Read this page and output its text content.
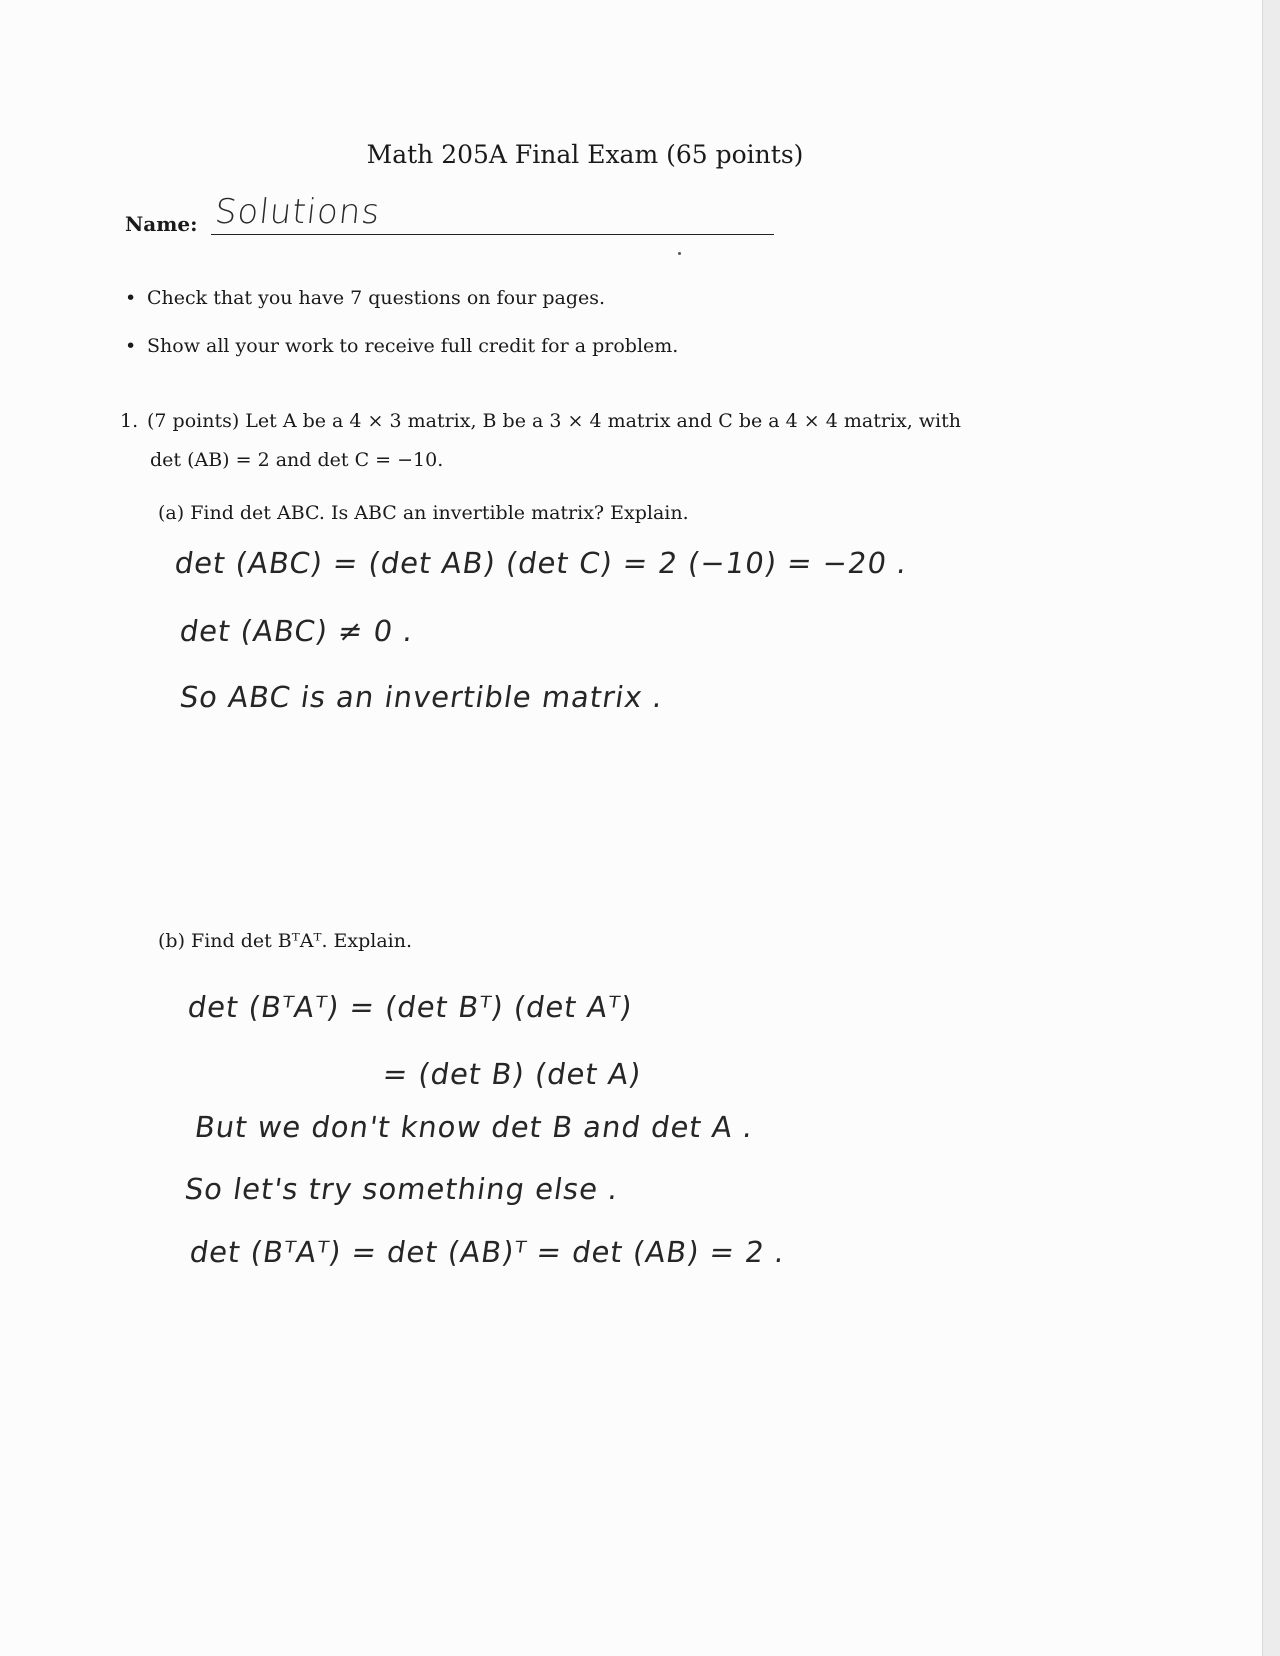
Math 205A Final Exam (65 points)
Name: Solutions
• Check that you have 7 questions on four pages.
• Show all your work to receive full credit for a problem.
1. (7 points) Let A be a 4 × 3 matrix, B be a 3 × 4 matrix and C be a 4 × 4 matrix, with
det (AB) = 2 and det C = −10.
(a) Find det ABC. Is ABC an invertible matrix? Explain.
det (ABC) = (det AB) (det C) = 2 (−10) = −20 .
det (ABC) ≠ 0 .
So ABC is an invertible matrix .
(b) Find det BᵀAᵀ. Explain.
det (BᵀAᵀ) = (det Bᵀ) (det Aᵀ)
= (det B) (det A)
But we don't know det B and det A .
So let's try something else .
det (BᵀAᵀ) = det (AB)ᵀ = det (AB) = 2 .
